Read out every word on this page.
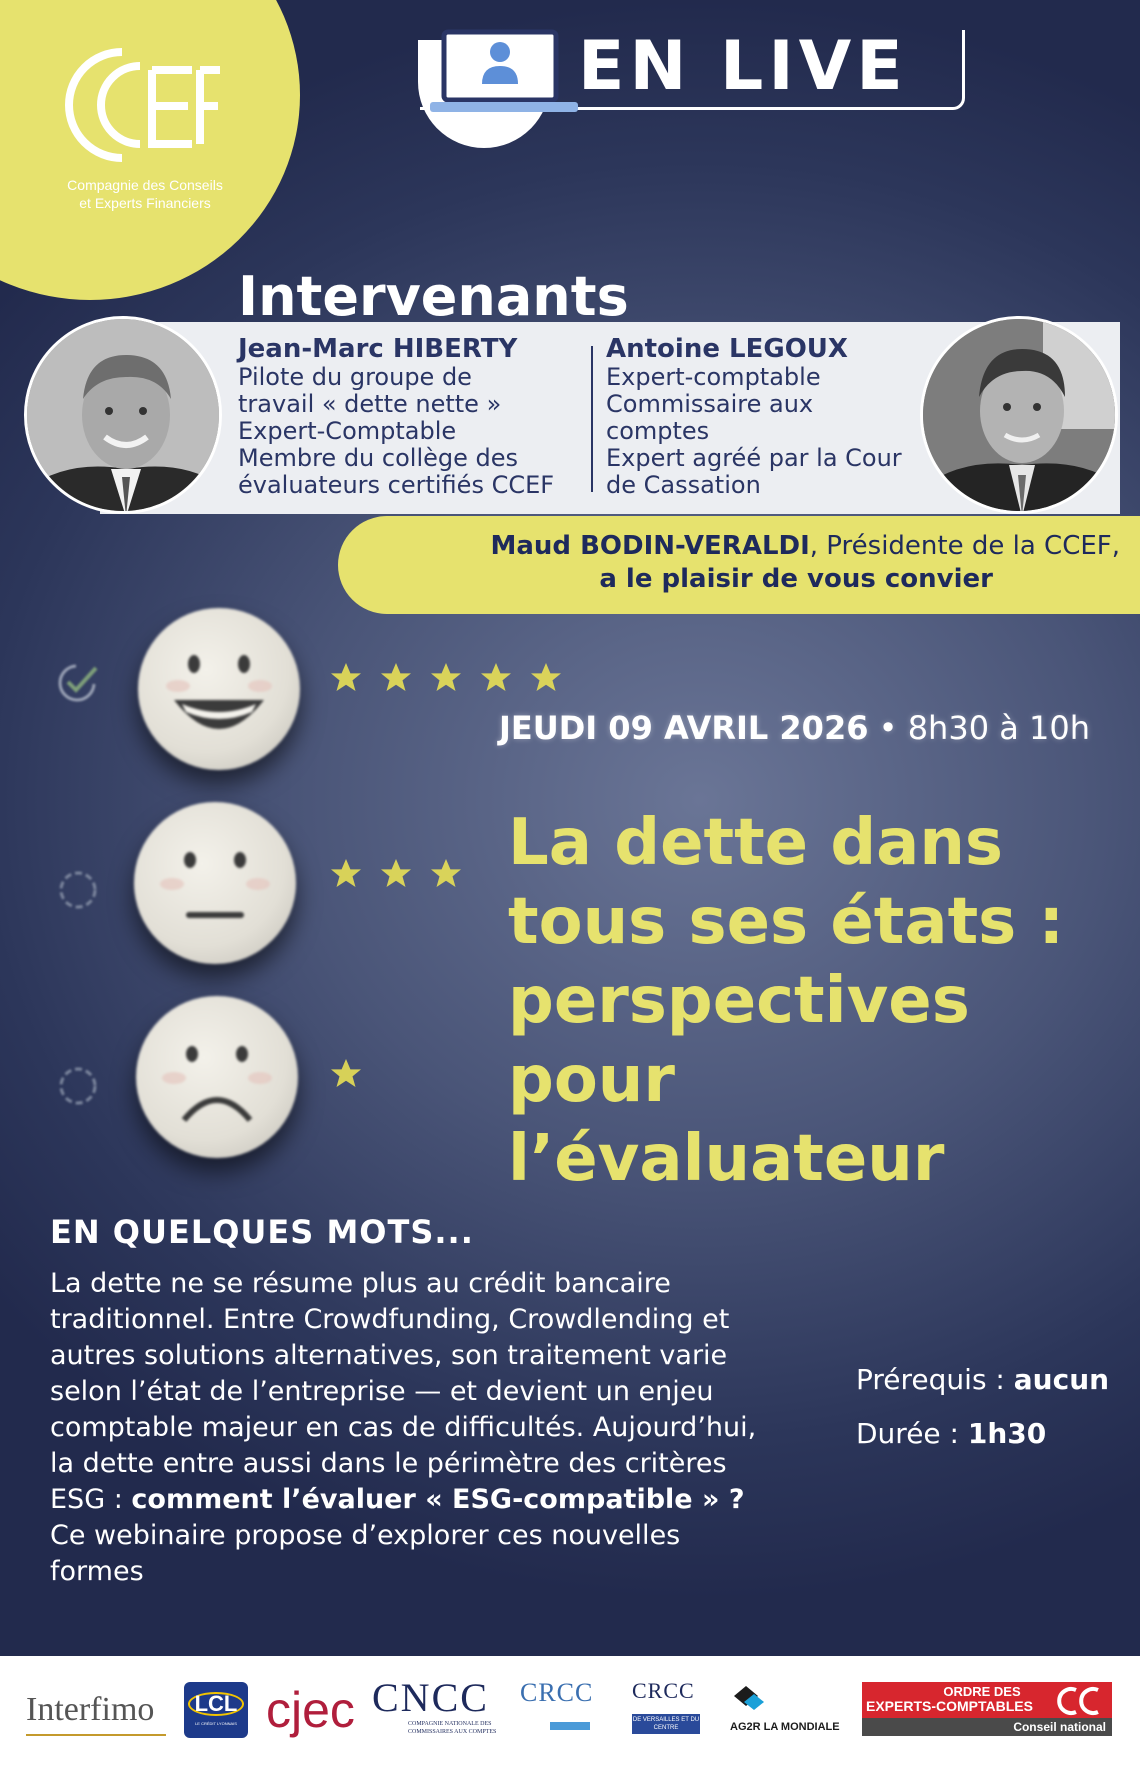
Compagnie des Conseils
et Experts Financiers
EN LIVE
Intervenants
Jean-Marc HIBERTY
Pilote du groupe de
travail « dette nette »
Expert-Comptable
Membre du collège des
évaluateurs certifiés CCEF
Antoine LEGOUX
Expert-comptable
Commissaire aux
comptes
Expert agréé par la Cour
de Cassation
Maud BODIN-VERALDI, Présidente de la CCEF,
a le plaisir de vous convier
JEUDI 09 AVRIL 2026 • 8h30 à 10h
La dette dans
tous ses états :
perspectives
pour
l’évaluateur
EN QUELQUES MOTS...
La dette ne se résume plus au crédit bancaire traditionnel. Entre Crowdfunding, Crowdlending et autres solutions alternatives, son traitement varie selon l’état de l’entreprise — et devient un enjeu comptable majeur en cas de difficultés. Aujourd’hui, la dette entre aussi dans le périmètre des critères ESG : comment l’évaluer « ESG-compatible » ? Ce webinaire propose d’explorer ces nouvelles formes
Prérequis : aucun
Durée : 1h30
Interfimo	LCL
LE CRÉDIT LYONNAIS cjec CNCC
COMPAGNIE NATIONALE DES COMMISSAIRES AUX COMPTES
CRCC	CRCC
DE VERSAILLES ET DU CENTRE	AG2R LA MONDIALE
ORDRE DES
EXPERTS-COMPTABLES
Conseil national
